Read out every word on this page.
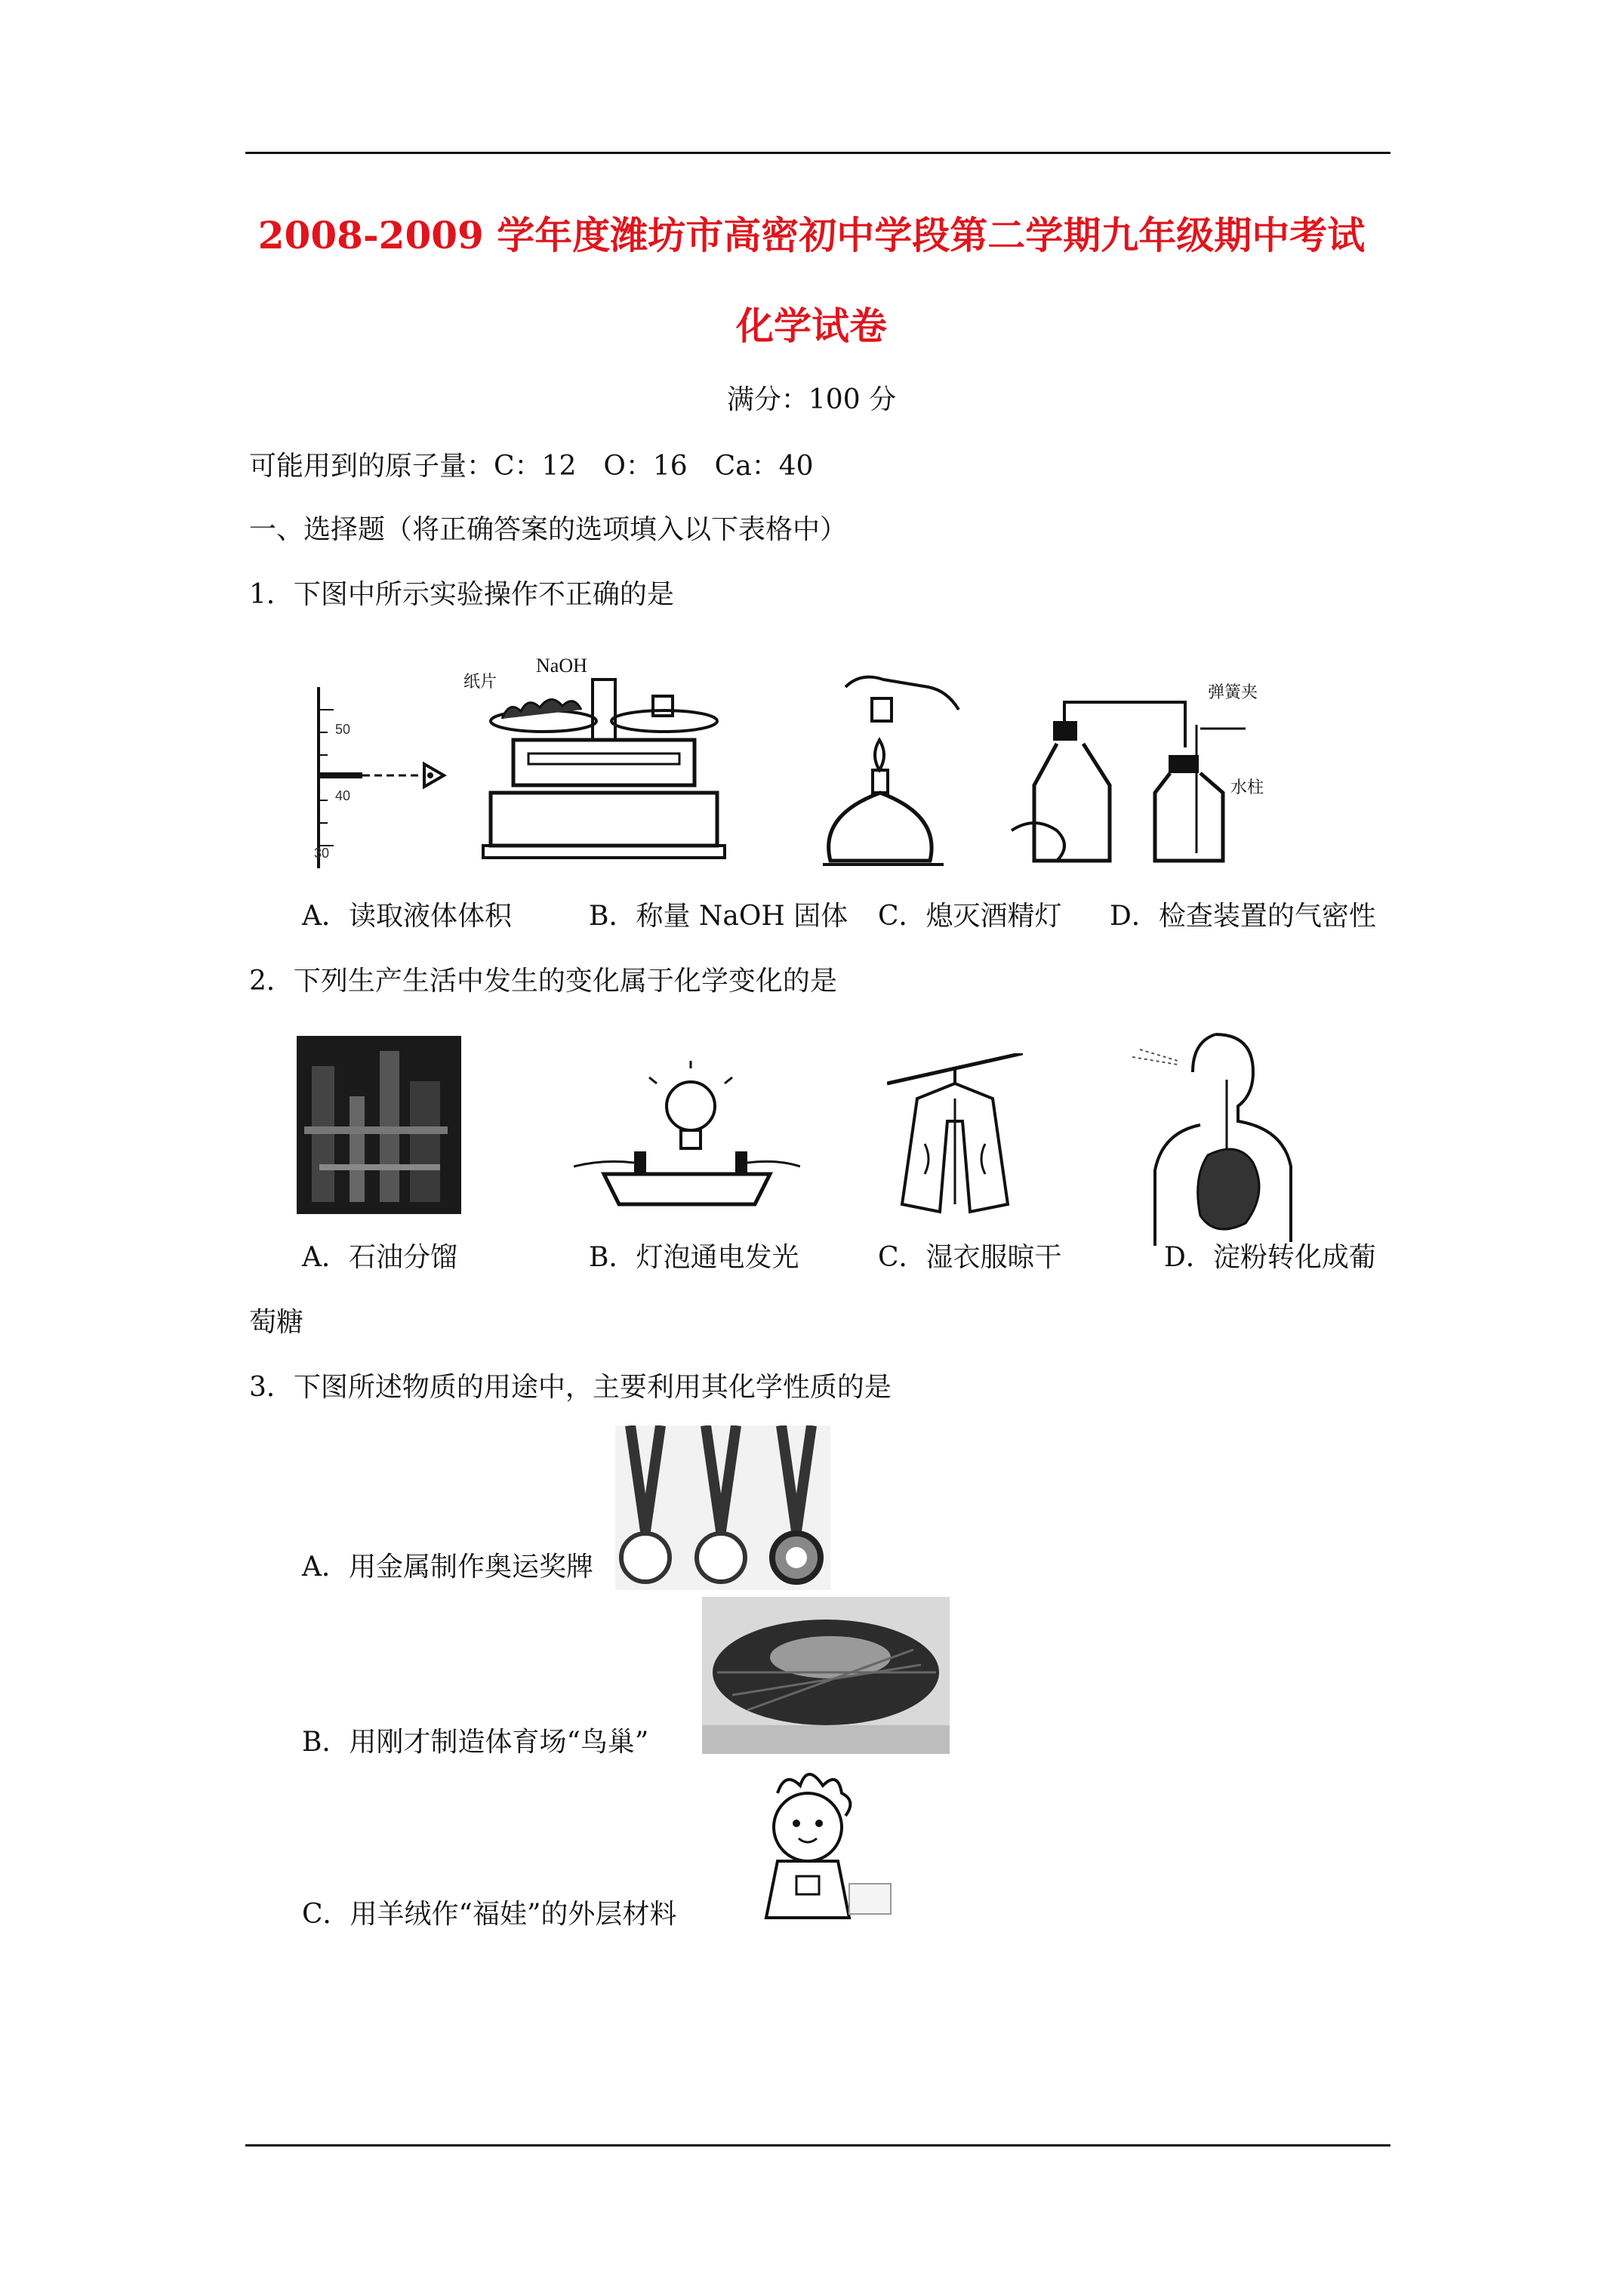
2008-2009 学年度潍坊市高密初中学段第二学期九年级期中考试
化学试卷
满分：100 分
可能用到的原子量：C：12　O：16　Ca：40
一、选择题（将正确答案的选项填入以下表格中）
1．下图中所示实验操作不正确的是
50
40
30
NaOH
纸片
弹簧夹
水柱
A．读取液体体积	B．称量 NaOH 固体 C．熄灭酒精灯 D．检查装置的气密性
2．下列生产生活中发生的变化属于化学变化的是
A．石油分馏	B．灯泡通电发光	C．湿衣服晾干	D．淀粉转化成葡
萄糖
3．下图所述物质的用途中，主要利用其化学性质的是
A．用金属制作奥运奖牌
B．用刚才制造体育场“鸟巢”
C．用羊绒作“福娃”的外层材料
